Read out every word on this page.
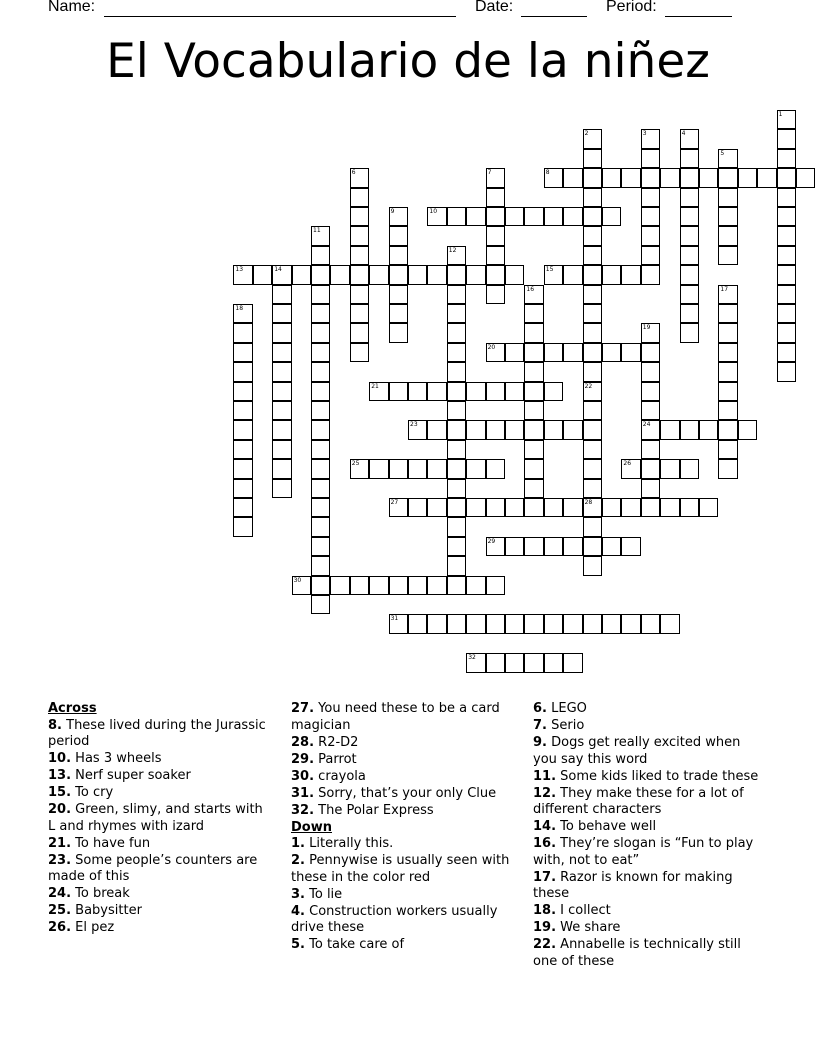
Name:	Date:	Period:
El Vocabulario de la niñez
1
2	3	4
5
6	7	8
9	10
11
12
13	14	15
16	17
18
19
20
21	22
23	24
25	26
27	28
29
30
31
32
Across
8. These lived during the Jurassic period
10. Has 3 wheels
13. Nerf super soaker
15. To cry
20. Green, slimy, and starts with L and rhymes with izard
21. To have fun
23. Some people’s counters are made of this
24. To break
25. Babysitter
26. El pez
27. You need these to be a card magician
28. R2-D2
29. Parrot
30. crayola
31. Sorry, that’s your only Clue
32. The Polar Express
Down
1. Literally this.
2. Pennywise is usually seen with these in the color red
3. To lie
4. Construction workers usually drive these
5. To take care of
6. LEGO
7. Serio
9. Dogs get really excited when you say this word
11. Some kids liked to trade these
12. They make these for a lot of different characters
14. To behave well
16. They’re slogan is “Fun to play with, not to eat”
17. Razor is known for making these
18. I collect
19. We share
22. Annabelle is technically still one of these
